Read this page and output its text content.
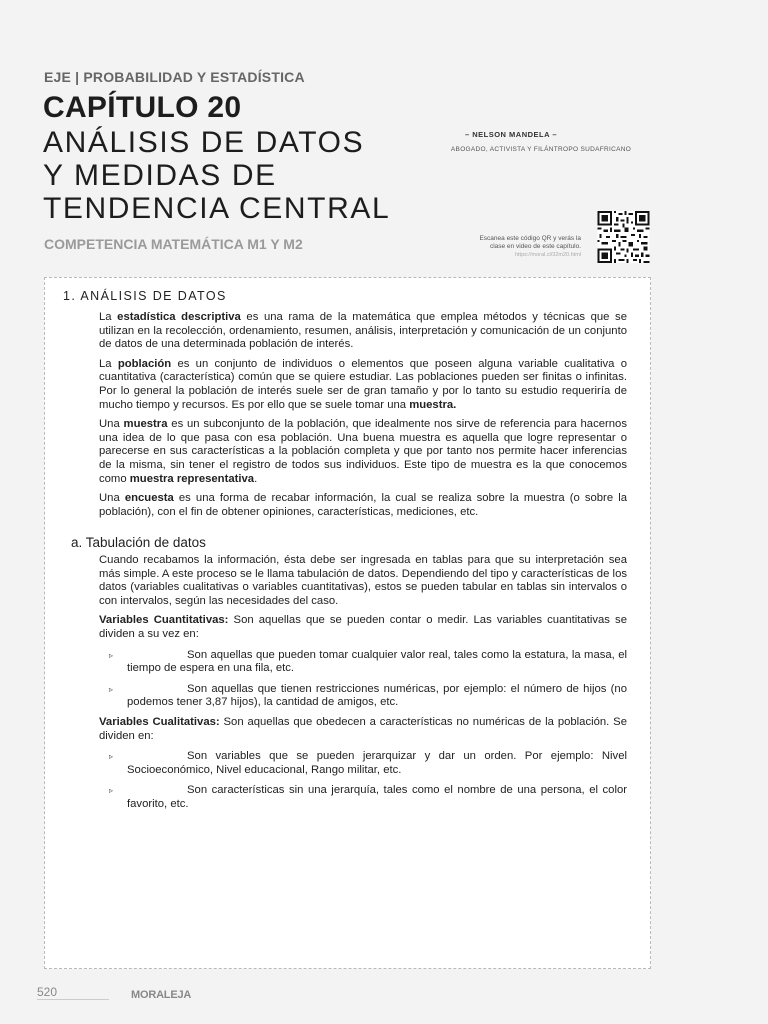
EJE | PROBABILIDAD Y ESTADÍSTICA
CAPÍTULO 20
ANÁLISIS DE DATOS
Y MEDIDAS DE
TENDENCIA CENTRAL
COMPETENCIA MATEMÁTICA M1 Y M2
– NELSON MANDELA –
ABOGADO, ACTIVISTA Y FILÁNTROPO SUDAFRICANO
Escanea este código QR y verás la
clase en video de este capítulo.
https://moral.cl/32m20.html
1. ANÁLISIS DE DATOS

La estadística descriptiva es una rama de la matemática que emplea métodos y técnicas que se utilizan en la recolección, ordenamiento, resumen, análisis, interpretación y comunicación de un conjunto de datos de una determinada población de interés.

La población es un conjunto de individuos o elementos que poseen alguna variable cualitativa o cuantitativa (característica) común que se quiere estudiar. Las poblaciones pueden ser finitas o infinitas. Por lo general la población de interés suele ser de gran tamaño y por lo tanto su estudio requeriría de mucho tiempo y recursos. Es por ello que se suele tomar una muestra.

Una muestra es un subconjunto de la población, que idealmente nos sirve de referencia para hacernos una idea de lo que pasa con esa población. Una buena muestra es aquella que logre representar o parecerse en sus características a la población completa y que por tanto nos permite hacer inferencias de la misma, sin tener el registro de todos sus individuos. Este tipo de muestra es la que conocemos como muestra representativa.

Una encuesta es una forma de recabar información, la cual se realiza sobre la muestra (o sobre la población), con el fin de obtener opiniones, características, mediciones, etc.

a. Tabulación de datos

Cuando recabamos la información, ésta debe ser ingresada en tablas para que su interpretación sea más simple. A este proceso se le llama tabulación de datos. Dependiendo del tipo y características de los datos (variables cualitativas o variables cuantitativas), estos se pueden tabular en tablas sin intervalos o con intervalos, según las necesidades del caso.

Variables Cuantitativas: Son aquellas que se pueden contar o medir. Las variables cuantitativas se dividen a su vez en:

▹	Son aquellas que pueden tomar cualquier valor real, tales como la estatura, la masa, el tiempo de espera en una fila, etc.
▹	Son aquellas que tienen restricciones numéricas, por ejemplo: el número de hijos (no podemos tener 3,87 hijos), la cantidad de amigos, etc.

Variables Cualitativas: Son aquellas que obedecen a características no numéricas de la población. Se dividen en:

▹	Son variables que se pueden jerarquizar y dar un orden. Por ejemplo: Nivel Socioeconómico, Nivel educacional, Rango militar, etc.
▹	Son características sin una jerarquía, tales como el nombre de una persona, el color favorito, etc.
520	MORALEJA
